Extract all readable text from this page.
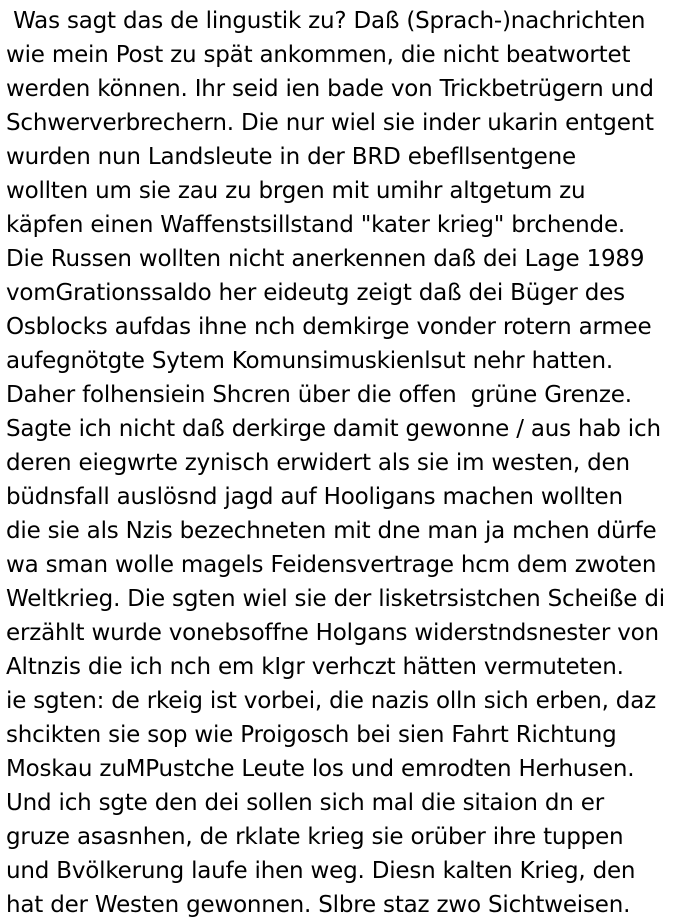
Was sagt das de lingustik zu? Daß (Sprach-)nachrichten
wie mein Post zu spät ankommen, die nicht beatwortet
werden können. Ihr seid ien bade von Trickbetrügern und
Schwerverbrechern. Die nur wiel sie inder ukarin entgent
wurden nun Landsleute in der BRD ebefllsentgene
wollten um sie zau zu brgen mit umihr altgetum zu
käpfen einen Waffenstsillstand "kater krieg" brchende.
Die Russen wollten nicht anerkennen daß dei Lage 1989
vomGrationssaldo her eideutg zeigt daß dei Büger des
Osblocks aufdas ihne nch demkirge vonder rotern armee
aufegnötgte Sytem Komunsimuskienlsut nehr hatten.
Daher folhensiein Shcren über die offen  grüne Grenze.
Sagte ich nicht daß derkirge damit gewonne / aus hab ich
deren eiegwrte zynisch erwidert als sie im westen, den
büdnsfall auslösnd jagd auf Hooligans machen wollten
die sie als Nzis bezechneten mit dne man ja mchen dürfe
wa sman wolle magels Feidensvertrage hcm dem zwoten
Weltkrieg. Die sgten wiel sie der lisketrsistchen Scheiße di
erzählt wurde vonebsoffne Holgans widerstndsnester von
Altnzis die ich nch em kIgr verhczt hätten vermuteten.
ie sgten: de rkeig ist vorbei, die nazis olln sich erben, daz
shcikten sie sop wie Proigosch bei sien Fahrt Richtung
Moskau zuMPustche Leute los und emrodten Herhusen.
Und ich sgte den dei sollen sich mal die sitaion dn er
gruze asasnhen, de rklate krieg sie orüber ihre tuppen
und Bvölkerung laufe ihen weg. Diesn kalten Krieg, den
hat der Westen gewonnen. Slbre staz zwo Sichtweisen.
